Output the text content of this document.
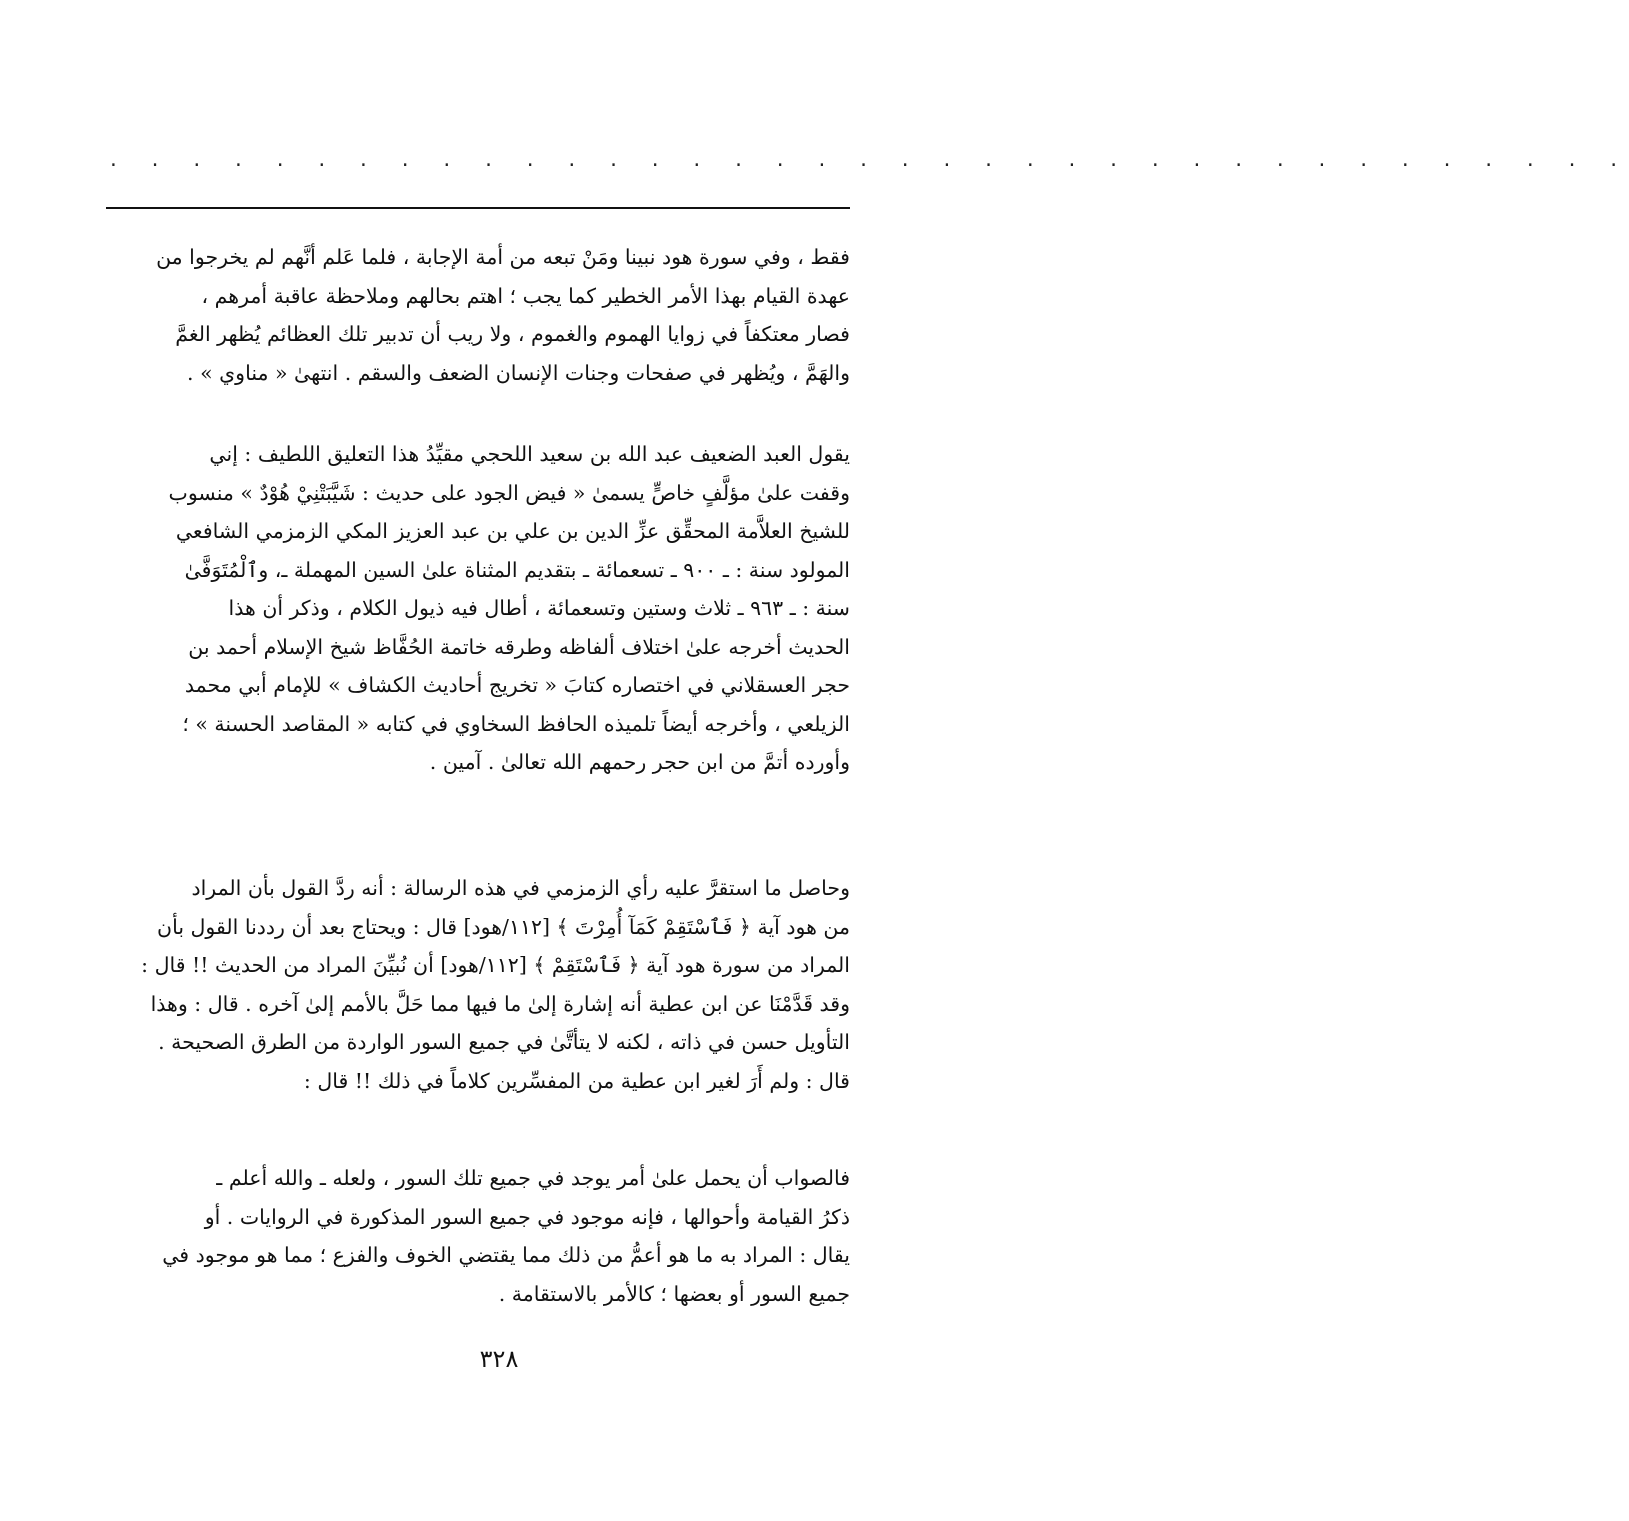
. . . . . . . . . . . . . . . . . . . . . . . . . . . . . . . . . . . . .
فقط ، وفي سورة هود نبينا ومَنْ تبعه من أمة الإجابة ، فلما عَلم أنَّهم لم يخرجوا من
عهدة القيام بهذا الأمر الخطير كما يجب ؛ اهتم بحالهم وملاحظة عاقبة أمرهم ،
فصار معتكفاً في زوايا الهموم والغموم ، ولا ريب أن تدبير تلك العظائم يُظهر الغمَّ
والهَمَّ ، ويُظهر في صفحات وجنات الإنسان الضعف والسقم . انتهىٰ « مناوي » .
يقول العبد الضعيف عبد الله بن سعيد اللحجي مقيِّدُ هذا التعليق اللطيف : إني
وقفت علىٰ مؤلَّفٍ خاصٍّ يسمىٰ « فيض الجود على حديث : شَيَّبَتْنِيْ هُوْدٌ » منسوب
للشيخ العلاَّمة المحقِّق عزِّ الدين بن علي بن عبد العزيز المكي الزمزمي الشافعي
المولود سنة : ـ ٩٠٠ ـ تسعمائة ـ بتقديم المثناة علىٰ السين المهملة ـ، وٱلْمُتَوَفَّىٰ
سنة : ـ ٩٦٣ ـ ثلاث وستين وتسعمائة ، أطال فيه ذيول الكلام ، وذكر أن هذا
الحديث أخرجه علىٰ اختلاف ألفاظه وطرقه خاتمة الحُفَّاظ شيخ الإسلام أحمد بن
حجر العسقلاني في اختصاره كتابَ « تخريج أحاديث الكشاف » للإمام أبي محمد
الزيلعي ، وأخرجه أيضاً تلميذه الحافظ السخاوي في كتابه « المقاصد الحسنة » ؛
وأورده أتمَّ من ابن حجر رحمهم الله تعالىٰ . آمين .
وحاصل ما استقرَّ عليه رأي الزمزمي في هذه الرسالة : أنه ردَّ القول بأن المراد
من هود آية ﴿ فَٱسْتَقِمْ كَمَآ أُمِرْتَ ﴾ [١١٢/هود] قال : ويحتاج بعد أن رددنا القول بأن
المراد من سورة هود آية ﴿ فَٱسْتَقِمْ ﴾ [١١٢/هود] أن نُبيِّنَ المراد من الحديث !! قال :
وقد قَدَّمْنَا عن ابن عطية أنه إشارة إلىٰ ما فيها مما حَلَّ بالأمم إلىٰ آخره . قال : وهذا
التأويل حسن في ذاته ، لكنه لا يتأتَّىٰ في جميع السور الواردة من الطرق الصحيحة .
قال : ولم أَرَ لغير ابن عطية من المفسِّرين كلاماً في ذلك !! قال :
فالصواب أن يحمل علىٰ أمر يوجد في جميع تلك السور ، ولعله ـ والله أعلم ـ
ذكرُ القيامة وأحوالها ، فإنه موجود في جميع السور المذكورة في الروايات . أو
يقال : المراد به ما هو أعمُّ من ذلك مما يقتضي الخوف والفزع ؛ مما هو موجود في
جميع السور أو بعضها ؛ كالأمر بالاستقامة .
٣٢٨
